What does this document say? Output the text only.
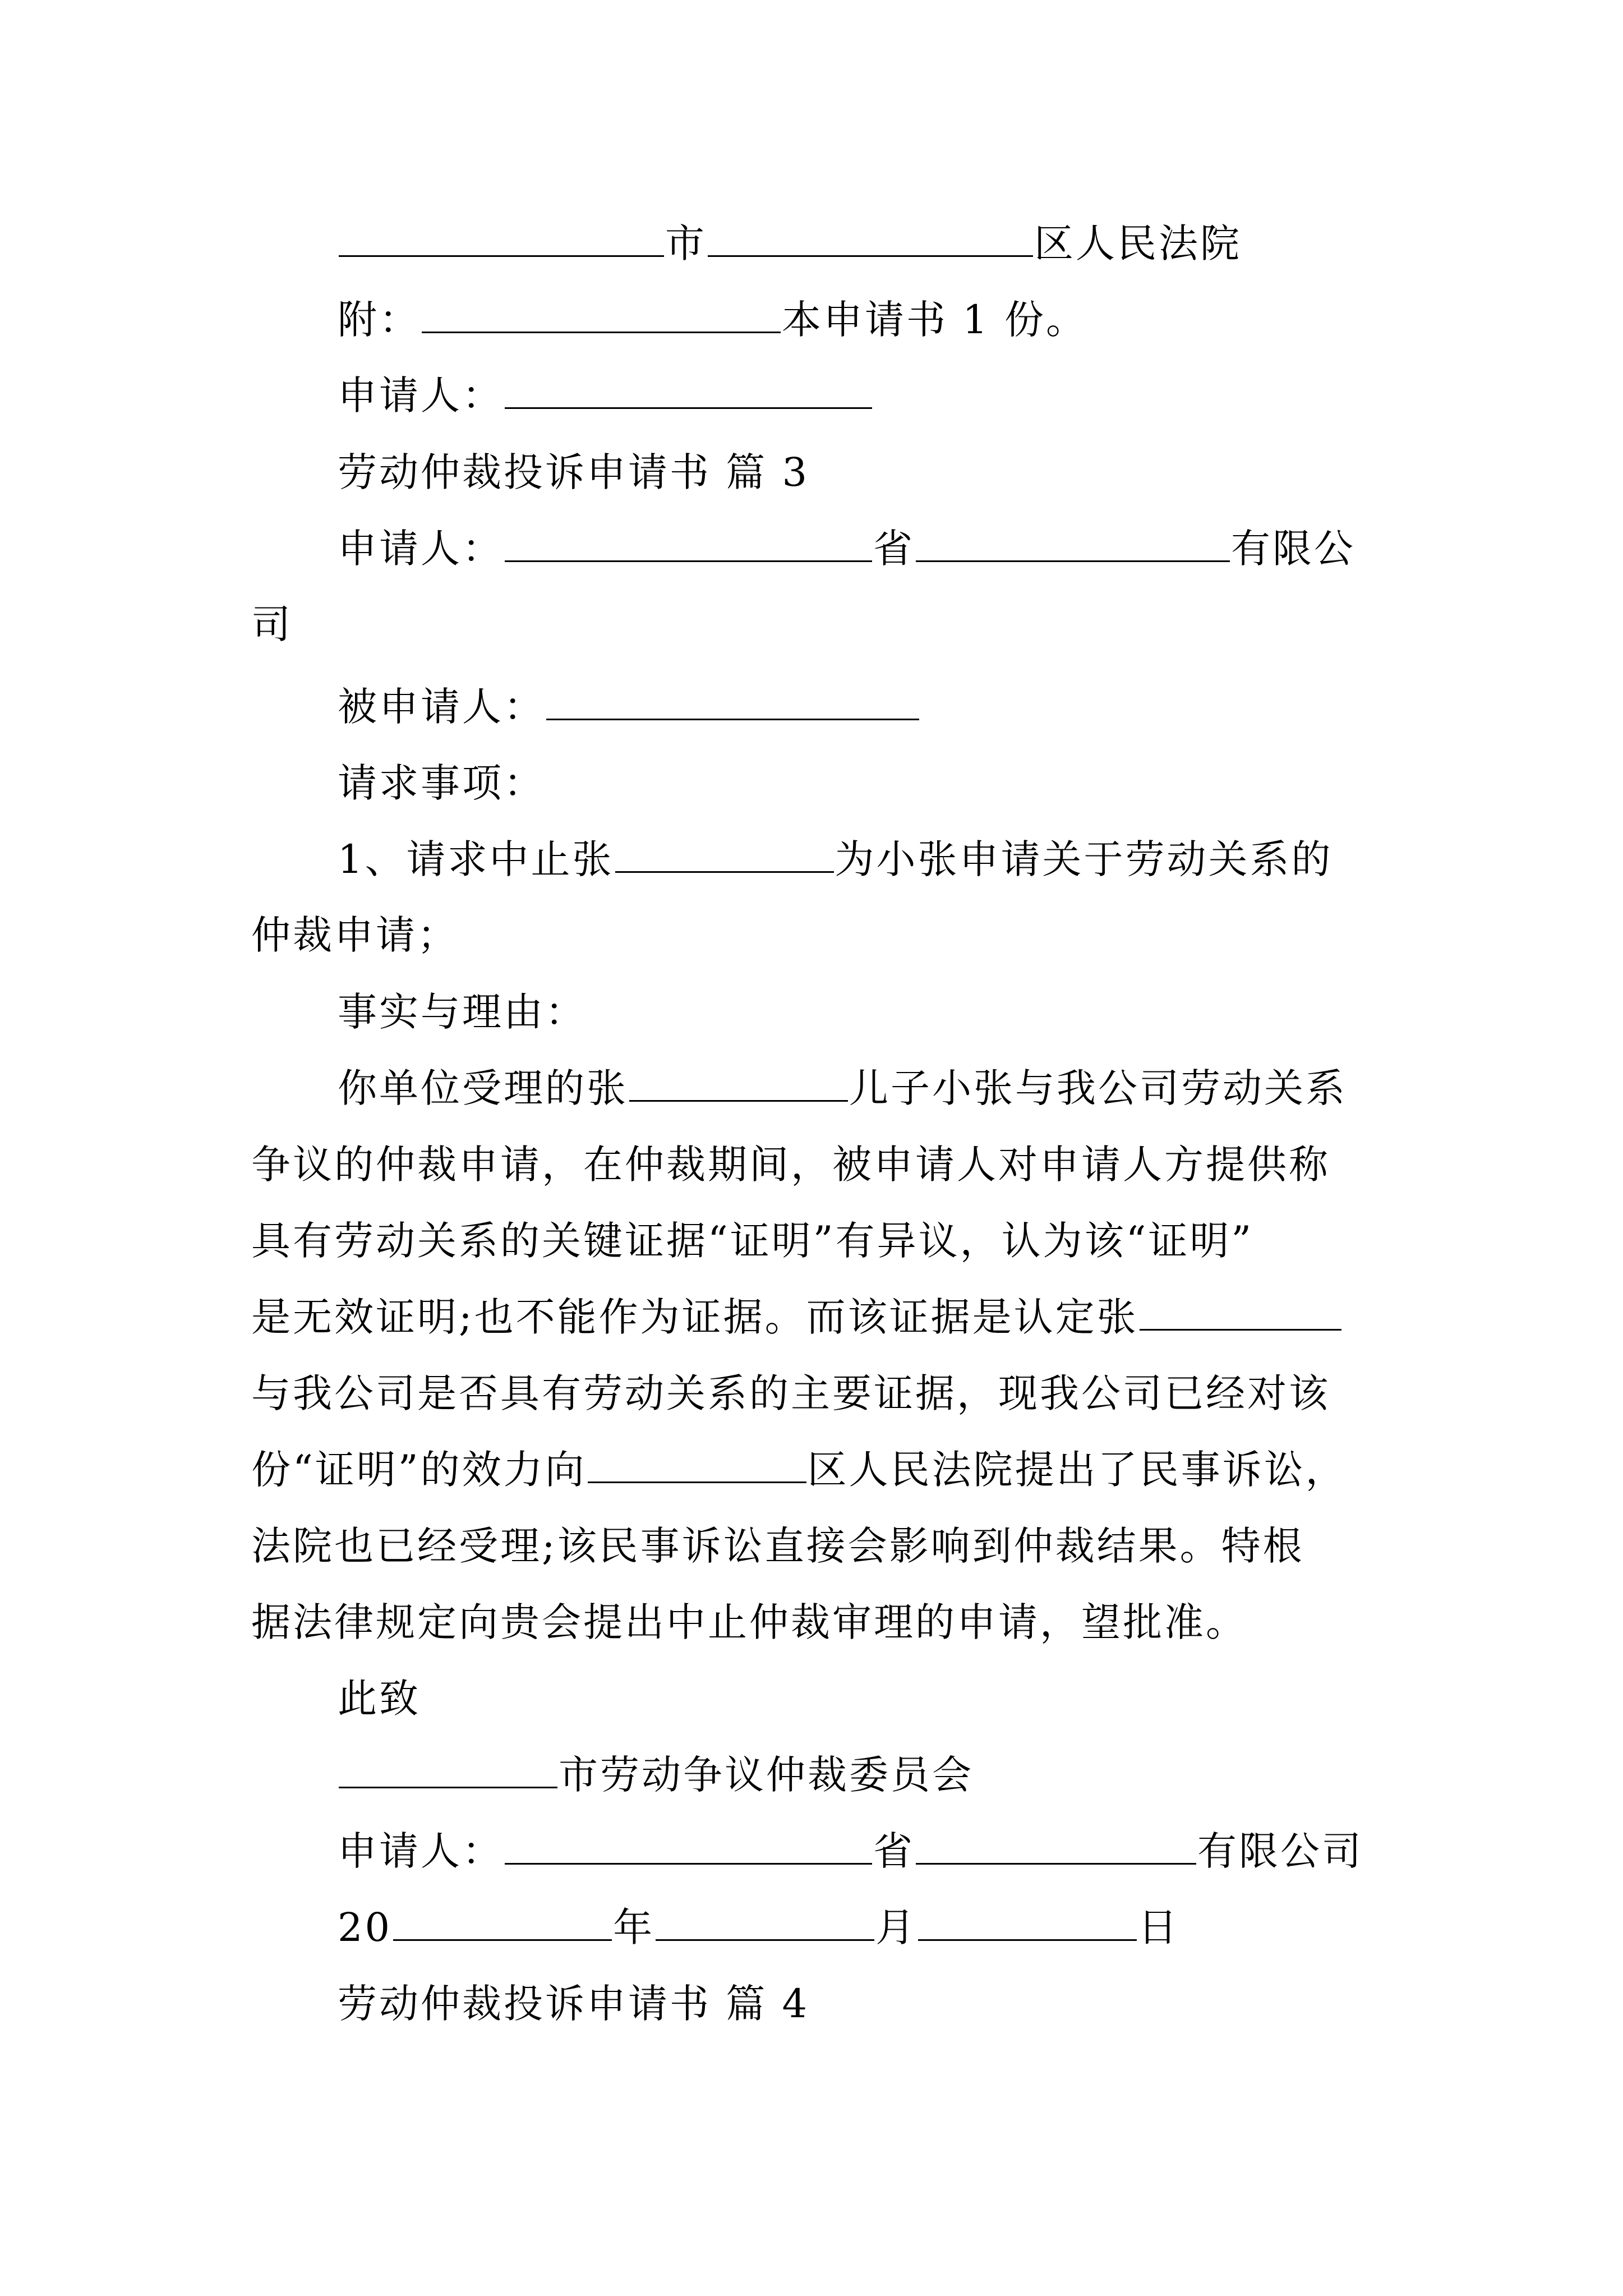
市	区人民法院
附：	本申请书 1 份。
申请人：
劳动仲裁投诉申请书 篇 3
申请人：	省	有限公
司
被申请人：
请求事项：
1、请求中止张	为小张申请关于劳动关系的
仲裁申请；
事实与理由：
你单位受理的张	儿子小张与我公司劳动关系
争议的仲裁申请，在仲裁期间，被申请人对申请人方提供称
具有劳动关系的关键证据“证明”有异议，认为该“证明”
是无效证明;也不能作为证据。而该证据是认定张
与我公司是否具有劳动关系的主要证据，现我公司已经对该
份“证明”的效力向	区人民法院提出了民事诉讼，
法院也已经受理;该民事诉讼直接会影响到仲裁结果。特根
据法律规定向贵会提出中止仲裁审理的申请，望批准。
此致
市劳动争议仲裁委员会
申请人：	省	有限公司
20	年	月	日
劳动仲裁投诉申请书 篇 4
